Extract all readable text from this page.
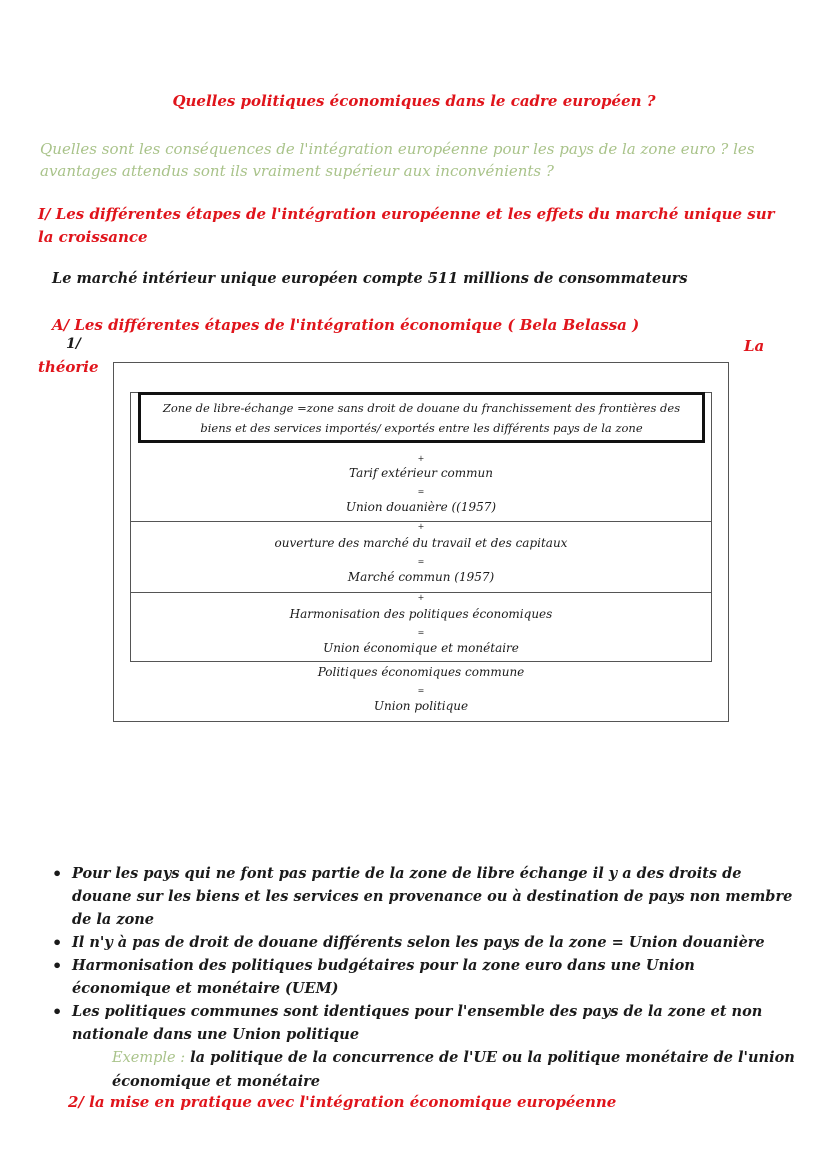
Quelles politiques économiques dans le cadre européen ?
Quelles sont les conséquences de l'intégration européenne pour les pays de la zone euro ? les avantages attendus sont ils vraiment supérieur aux inconvénients ?
I/ Les différentes étapes de l'intégration européenne et les effets du marché unique sur la croissance
Le marché intérieur unique européen compte 511 millions de consommateurs
A/ Les différentes étapes de l'intégration économique ( Bela Belassa )
1/	La
théorie
Zone de libre-échange =zone sans droit de douane du franchissement des frontières des biens et des services importés/ exportés entre les différents pays de la zone
+
Tarif extérieur commun
=
Union douanière ((1957)
+
ouverture des marché du travail et des capitaux
=
Marché commun (1957)
+
Harmonisation des politiques économiques
=
Union économique et monétaire
Politiques économiques commune
=
Union politique
• Pour les pays qui ne font pas partie de la zone de libre échange il y a des droits de douane sur les biens et les services en provenance ou à destination de pays non membre de la zone
• Il n'y à pas de droit de douane différents selon les pays de la zone = Union douanière
• Harmonisation des politiques budgétaires pour la zone euro dans une Union économique et monétaire (UEM)
• Les politiques communes sont identiques pour l'ensemble des pays de la zone et non nationale dans une Union politique
Exemple : la politique de la concurrence de l'UE ou la politique monétaire de l'union économique et monétaire
2/ la mise en pratique avec l'intégration économique européenne
